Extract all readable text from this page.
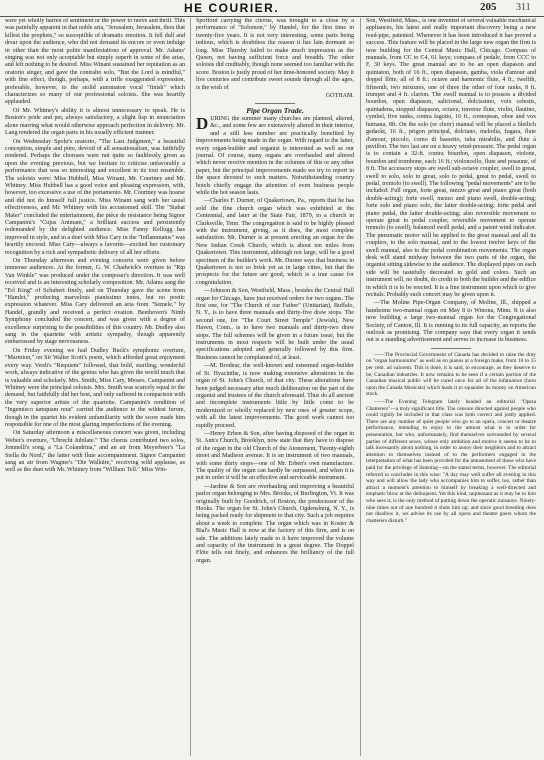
HE COURIER.	205 311

were yet wholly barren of sentiment or the power to move and thrill. This was painfully apparent in that noble aria, "Jerusalem, Jerusalem, thou that killest the prophets," so susceptible of dramatic emotion. It fell dull and drear upon the audience, who did not demand its encore or even indulge in other than the most polite manifestations of approval. Mr. Adams' singing was not only acceptable but simply superb in some of the arias, and left nothing to be desired. Miss Winant sustained her reputation as an oratorio singer, and gave the contralto solo, "But the Lord is mindful," with fine effect, though, perhaps, with a trifle exaggerated expression, preferable, however, to the stolid automaton vocal "finish" which characterizes so many of our professional soloists. She was heartily applauded.

Of Mr. Whitney's ability it is almost unnecessary to speak. He is Boston's pride and pet, always satisfactory, a slight lisp in enunciation alone marring what would otherwise approach perfection in delivery. Mr. Lang rendered the organ parts in his usually efficient manner.

On Wednesday Spohr's oratorio, "The Last Judgment," a beautiful conception, simple and pure, devoid of all sensationalism, was faithfully rendered. Perhaps the choruses were not quite so faultlessly given as upon the evening previous, but we hesitate to criticise unfavorably a performance that was so interesting and excellent in its tout ensemble. The soloists were: Miss Hubbell, Miss Winant, Mr. Courtney and Mr. Whitney. Miss Hubbell has a good voice and pleasing expression, with, however, too excessive a use of the portamento. Mr. Courtney was hoarse and did not do himself full justice. Miss Winant sang with her usual effectiveness, and Mr. Whitney with his accustomed skill. The "Stabat Mater" concluded the entertainment, the pièce de résistance being Signor Campanini's "Cujus Animam," a brilliant success and persistently redemanded by the delighted audience. Miss Fanny Kellogg has improved in style, and in a duet with Miss Cary in the "Inflammatus" was heartily encored. Miss Cary—always a favorite—excited her customary recognition by a rich and sympathetic delivery of all her efforts.

On Thursday afternoon and evening concerts were given before immense audiences. At the former, G. W. Chadwick's overture to "Rip Van Winkle" was produced under the composer's direction. It was well received and is an interesting scholarly composition. Mr. Adams sang the "Erl King" of Schubert finely, and on Thursday gave the scene from "Hamlet," producing marvelous pianissimo tones, but no poetic expression whatever. Miss Cary delivered an aria from "Semele," by Handel, grandly and received a perfect ovation. Beethoven's Ninth Symphony concluded the concert, and was given with a degree of excellence surprising to the possibilities of this country. Mr. Dudley also sang in the quartette with artistic sympathy, though apparently embarrassed by stage nervousness.

On Friday evening we had Dudley Buck's symphonic overture, "Marmion," on Sir Walter Scott's poem, which afforded great enjoyment every way. Verdi's "Requiem" followed, that bold, startling, wonderful work, always indicative of the genius who has given the world much that is valuable and scholarly. Mrs. Smith, Miss Cary, Messrs. Campanini and Whitney were the principal soloists. Mrs. Smith was scarcely equal to the demand, but faithfully did her best, and only suffered in comparison with the very superior artists of the quartette. Campanini's rendition of "Ingemisco tamquam reus" carried the audience to the wildest furore, though in the quartet his evident unfamiliarity with the score made him responsible for one of the most glaring imperfections of the evening.

On Saturday afternoon a miscellaneous concert was given, including Weber's overture, "Ubrecht Jubilate." The chorus contributed two solos, Jomnelli's song, a "La Colandrina," and an air from Meyerbeer's "La Stella du Nord," the latter with flute accompaniment. Signor Campanini sang an air from Wagner's "Die Walküre," receiving wild applause, as well as the duet with Mr. Whitney from "William Tell." Miss Win-

Spofford carrying the chorus, was brought to a close by a performance of "Solomon," by Handel, for the first time in twenty-five years. It is not very interesting, some parts being tedious, which is doubtless the reason it has lain dormant so long. Miss Thursby failed to make much impression as the Queen, not having sufficient force and breadth. The other soloists did creditably, though none seemed too familiar with the score. Boston is justly proud of her time-honored society. May it live centuries and contribute sweet sounds through all the ages, is the wish of

GOTHAM.

Pipe Organ Trade.

DURING the summer many churches are planned, altered, &c., and some few are extensively altered in their interior, and a still less number are practically benefited by improvements being made in the organ. With regard to the latter, every organ-builder and organist is interested as well as our journal. Of course, many organs are overhauled and altered which never receive mention in the columns of this or any other paper, but the principal improvements made we try to report in the space devoted to such matters. Notwithstanding country hotels chiefly engage the attention of even business people while the hot season lasts.

—Charles F. Durner, of Quakertown, Pa., reports that he has sold the fine church organ which was exhibited at the Centennial, and later at the State Fair, 1879, to a church in Clarksville, Tenn. The congregation is said to be highly pleased with the instrument, giving, as it does, the most complete satisfaction. Mr. Durner is at present erecting an organ for the New Indian Creek Church, which is about ten miles from Quakertown. This instrument, although not large, will be a good specimen of the builder's work. Mr. Durner says that business in Quakertown is not so brisk yet as in large cities, but that the prospects for the future are good, which is a true cause for congratulation.

—Johnson & Son, Westfield, Mass., besides the Central Hall organ for Chicago, have just received orders for two organs. The first one, for "The Church of our Father" (Unitarian), Buffalo, N. Y., is to have three manuals and thirty-five draw stops. The second one, for "The Court Street Temple" (Jewish), New Haven, Conn., is to have two manuals and thirty-two draw stops. The full schemes will be given in a future issue, but the instruments in most respects will be built under the usual specifications adopted and generally followed by this firm. Business cannot be complained of, at least.

—M. Brodeur, the well-known and esteemed organ-builder of St. Hyacinthe, is now making extensive alterations in the organ of St. John's Church, of that city. These alterations have been judged necessary after much deliberation on the part of the organist and trustees of the church aforesaid. Thus do all ancient and incomplete instruments little by little come to be modernized or wholly replaced by new ones of greater scope, with all the latest improvements. The good work cannot too rapidly proceed.

—Henry Erben & Son, after having disposed of the organ in St. Ann's Church, Brooklyn, now state that they have to dispose of the organ in the old Church of the Atonement, Twenty-eighth street and Madison avenue. It is an instrument of two manuals, with some thirty stops—one of Mr. Erben's own manufacture. The quality of the organ can hardly be surpassed, and when it is put in order it will be an effective and serviceable instrument.

—Jardine & Son are overhauling and improving a beautiful parlor organ belonging to Mrs. Brooks, of Burlington, Vt. It was originally built by Goodrich, of Boston, the predecessor of the Hooks. The organ for St. John's Church, Ogdensburg, N. Y., is being packed ready for shipment to that city. Such a job requires about a week to complete. The organ which was in Koster & Bial's Music Hall is now at the factory of this firm, and is on sale. The additions lately made to it have improved the volume and capacity of the instrument in a great degree. The Doppel Flöte tells out finely, and enhances the brilliancy of the full organ.

Son, Westfield, Mass., is one invented of several valuable mechanical appliances, his latest and really important discovery being a new reed-pipe, patented. Whenever it has been introduced it has proved a success. This feature will be placed in the large new organ the firm is now building for the Central Music Hall, Chicago. Compass of manuals, from CC to C4, 61 keys; compass of pedale, from CCC to F, 30 keys. The great manual are to be an open diapason and quintaton, both of 16 ft., open diapason, gamba, viola d'amour and doppel flöte, all of 8 ft.; octave and harmonic flute, 4 ft., twelfth, fifteenth, two mixtures, one of three the other of four ranks, 8 ft. trumpet and 4 ft. clarion. The swell manual is to possess a divided bourdon, open diapason, salicional, dolcissimo, voix celestis, quintadena, stopped diapason, octave, traverse flute, violin, flautino, cymbel, five ranks, contra fagotto, 16 ft., cornopean, oboe and vox humana, 8ft. On the solo (or choir) manual will be placed a bleilich gedackt, 16 ft., prigon principal, dolciano, melodia, fugara, flute d'amour, piccolo, corno di bassetto, tuba mirabilis, and flute à pavillon. The two last are on a heavy wind-pressure. The pedal organ is to contain a 32-ft. contra bourdon, open diapason, violone, bourdon and trombone, each 16 ft.; violoncello, flute and posaune, of 8 ft. The accessory stops are swell sub-octave coupler, swell to great, swell to solo, solo to great, solo to pedal, great to pedal, swell to pedal, tremolo (to swell). The following "pedal movements" are to be included: Full organ, forte great, mezzo great and piano great (both double-acting); forte swell, mezzo and piano swell, double-acting; forte solo and piano solo, the latter double-acting; forte pedal and piano pedal, the latter double-acting; also reversible movement to operate great to pedal coupler, reversible movement to operate tremolo (to swell), balanced swell pedal, and a patent wind indicator. The pneumatic motor will be applied to the great manual and all its couplers, to the solo manual, and to the lowest twelve keys of the swell manual, also to the pedal combination movements. The organ desk will stand midway between the two parts of the organ, the organist sitting sidewise to the audience. The displayed pipes on each side will be tastefully decorated in gold and colors. Such an instrument will, no doubt, do credit to both the builder and the edifice in which it is to be erected. It is a fine instrument upon which to give recitals. Probably such concert may be given upon it.

—The Moline Pipe-Organ Company, of Moline, Ill., shipped a handsome two-manual organ on May 8 to Winona, Minn. It is also now building a large two-manual organ for the Congregational Society, of Canton, Ill. It is running to its full capacity, an reports the outlook as promising. The company says that every organ it sends out is a standing advertisement and serves to increase its business.

——The Provincial Government of Canada has decided to raise the duty on "organ harmoniums" as well as on pianos at a foreign make, from 10 to 15 per cent. ad valorem. This is done, it is said, to encourage, as they deserve to be, Canadian industries. It now remains to be seen if a certain portion of the Canadian musical public will be cured once for all of the infatuation (born upon the Canada Musicals) which leads it to squander its money on American stock.

——The Evening Telegram lately headed an editorial "Opera Chatterers"—a truly significant title. The censure directed against people who could rightly be included in that class was both correct and justly applied. There are any number of quiet people who go to an opera, concert or theatre performance, intending to enjoy to the utmost what is in order for presentation, but who, unfortunately, find themselves surrounded by several parties of different sexes, whose only ambition and motive it seems to be to talk incessantly about nothing, in order to annoy their neighbors and to attract attention to themselves instead of to the performers engaged in the interpretation of what has been provided for the amusement of those who have paid for the privilege of listening—on the stated terms, however. The editorial referred to concludes in this wise: "A day may well suffer all evening in this way and will allow the lady who accompanies him to suffer, too, rather than attract a moment's attention to himself by breaking a well-directed and emphatic blow at the delinquent. Yet this kind, unpleasant as it may be to him who sees it, is the only method of putting down the operatic nuisance. Ninety-nine times out of one hundred it shuts him up; and since good breeding does not disallow it, we advise its use by all opera and theatre goers whom the chatterers disturb."
